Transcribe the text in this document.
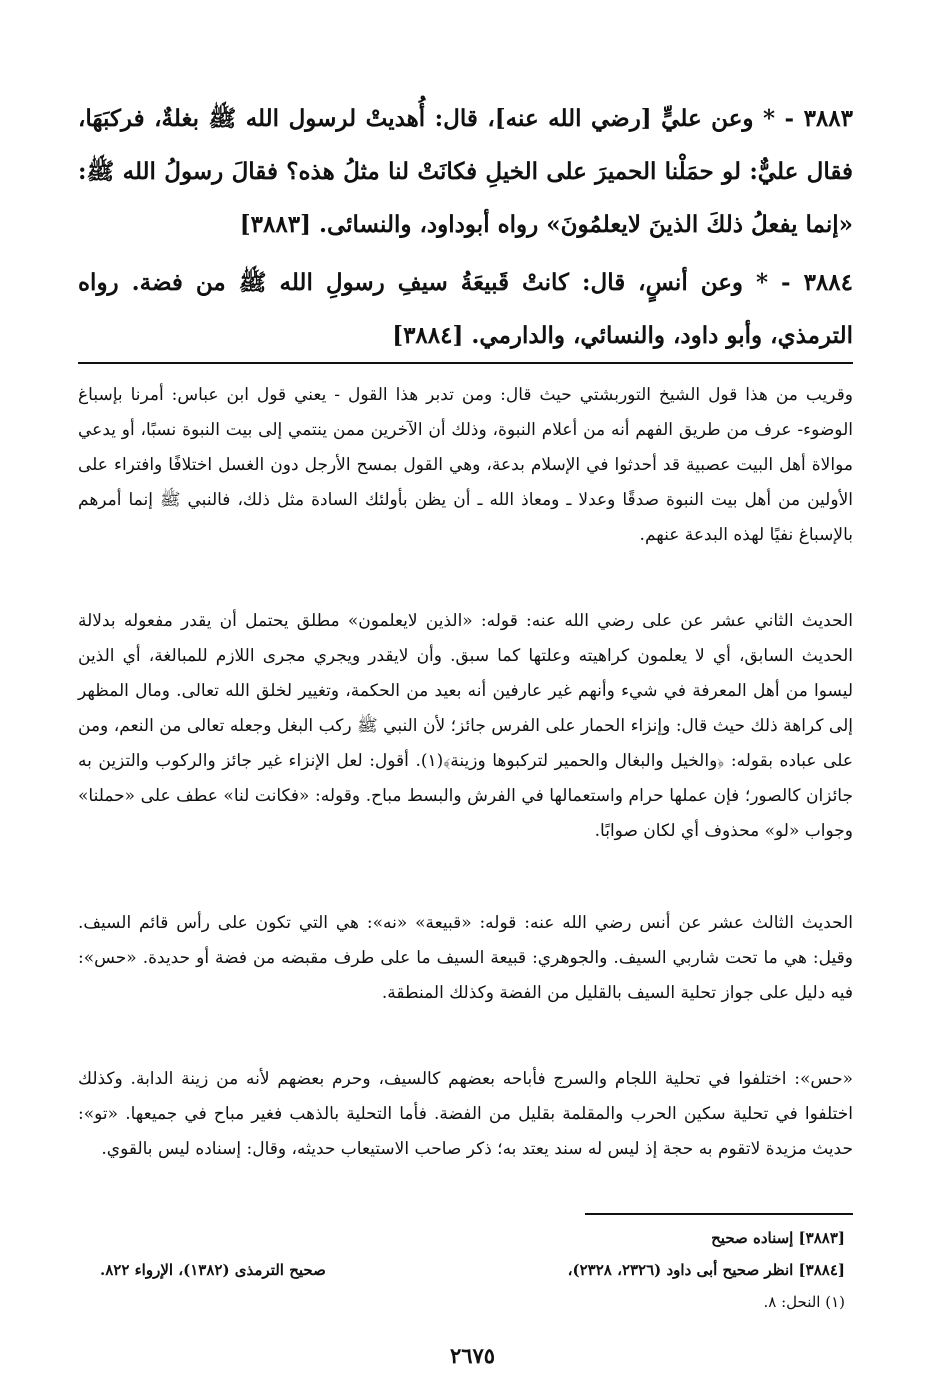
٣٨٨٣ - * وعن عليٍّ [رضي الله عنه]، قال: أُهديتْ لرسول الله ﷺ بغلةٌ، فركبَهَا، فقال عليٌّ: لو حمَلْنا الحميرَ على الخيلِ فكانَتْ لنا مثلُ هذه؟ فقالَ رسولُ الله ﷺ: «إنما يفعلُ ذلكَ الذينَ لايعلمُونَ» رواه أبوداود، والنسائى. [٣٨٨٣]
٣٨٨٤ - * وعن أنسٍ، قال: كانتْ قَبيعَةُ سيفِ رسولِ الله ﷺ من فضة. رواه الترمذي، وأبو داود، والنسائي، والدارمي. [٣٨٨٤]
وقريب من هذا قول الشيخ التوربشتي حيث قال: ومن تدبر هذا القول - يعني قول ابن عباس: أمرنا بإسباغ الوضوء- عرف من طريق الفهم أنه من أعلام النبوة، وذلك أن الآخرين ممن ينتمي إلى بيت النبوة نسبًا، أو يدعي موالاة أهل البيت عصبية قد أحدثوا في الإسلام بدعة، وهي القول بمسح الأرجل دون الغسل اختلافًا وافتراء على الأولين من أهل بيت النبوة صدقًا وعدلا ـ ومعاذ الله ـ أن يظن بأولئك السادة مثل ذلك، فالنبي ﷺ إنما أمرهم بالإسباغ نفيًا لهذه البدعة عنهم.
الحديث الثاني عشر عن على رضي الله عنه: قوله: «الذين لايعلمون» مطلق يحتمل أن يقدر مفعوله بدلالة الحديث السابق، أي لا يعلمون كراهيته وعلتها كما سبق. وأن لايقدر ويجري مجرى اللازم للمبالغة، أي الذين ليسوا من أهل المعرفة في شيء وأنهم غير عارفين أنه بعيد من الحكمة، وتغيير لخلق الله تعالى. ومال المظهر إلى كراهة ذلك حيث قال: وإنزاء الحمار على الفرس جائز؛ لأن النبي ﷺ ركب البغل وجعله تعالى من النعم، ومن على عباده بقوله: ﴿والخيل والبغال والحمير لتركبوها وزينة﴾(١). أقول: لعل الإنزاء غير جائز والركوب والتزين به جائزان كالصور؛ فإن عملها حرام واستعمالها في الفرش والبسط مباح. وقوله: «فكانت لنا» عطف على «حملنا» وجواب «لو» محذوف أي لكان صوابًا.
الحديث الثالث عشر عن أنس رضي الله عنه: قوله: «قبيعة» «نه»: هي التي تكون على رأس قائم السيف. وقيل: هي ما تحت شاربي السيف. والجوهري: قبيعة السيف ما على طرف مقبضه من فضة أو حديدة. «حس»: فيه دليل على جواز تحلية السيف بالقليل من الفضة وكذلك المنطقة.
«حس»: اختلفوا في تحلية اللجام والسرج فأباحه بعضهم كالسيف، وحرم بعضهم لأنه من زينة الدابة. وكذلك اختلفوا في تحلية سكين الحرب والمقلمة بقليل من الفضة. فأما التحلية بالذهب فغير مباح في جميعها. «تو»: حديث مزيدة لاتقوم به حجة إذ ليس له سند يعتد به؛ ذكر صاحب الاستيعاب حديثه، وقال: إسناده ليس بالقوي.
[٣٨٨٣] إسناده صحيح
[٣٨٨٤] انظر صحيح أبى داود (٢٣٢٦، ٢٣٢٨)،
صحيح الترمذى (١٣٨٢)، الإرواء ٨٢٢.
(١) النحل: ٨.
٢٦٧٥
